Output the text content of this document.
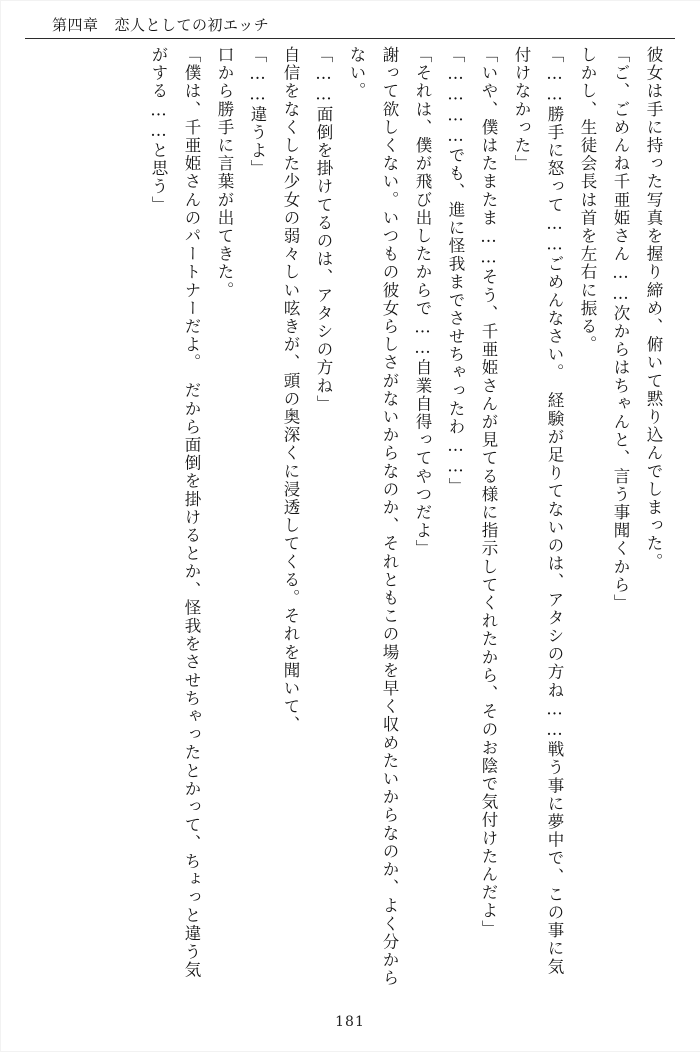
第四章 恋人としての初エッチ

彼女は手に持った写真を握り締め、俯いて黙り込んでしまった。

「ご、ごめんね千亜姫さん……次からはちゃんと、言う事聞くから」

しかし、生徒会長は首を左右に振る。

「……勝手に怒って……ごめんなさい。　経験が足りてないのは、アタシの方ね……戦う事に夢中で、この事に気付けなかった」

「いや、僕はたまたま……そう、千亜姫さんが見てる様に指示してくれたから、そのお陰で気付けたんだよ」

「…………でも、進に怪我までさせちゃったわ……」

「それは、僕が飛び出したからで……自業自得ってやつだよ」

謝って欲しくない。いつもの彼女らしさがないからなのか、それともこの場を早く収めたいからなのか、よく分からない。

「……面倒を掛けてるのは、アタシの方ね」

自信をなくした少女の弱々しい呟きが、頭の奥深くに浸透してくる。それを聞いて、

「……違うよ」

口から勝手に言葉が出てきた。

「僕は、千亜姫さんのパートナーだよ。　だから面倒を掛けるとか、怪我をさせちゃったとかって、ちょっと違う気がする……と思う」

181
